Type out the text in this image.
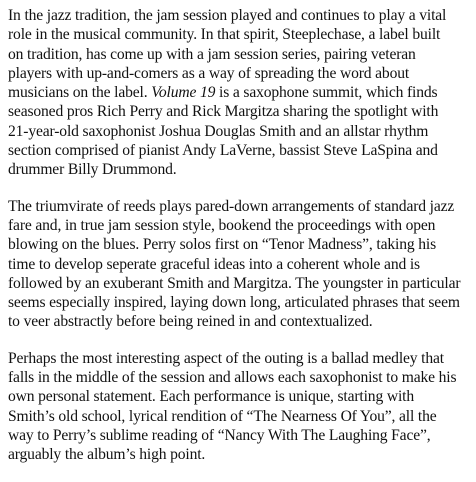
In the jazz tradition, the jam session played and continues to play a vital
role in the musical community. In that spirit, Steeplechase, a label built
on tradition, has come up with a jam session series, pairing veteran
players with up-and-comers as a way of spreading the word about
musicians on the label. Volume 19 is a saxophone summit, which finds
seasoned pros Rich Perry and Rick Margitza sharing the spotlight with
21-year-old saxophonist Joshua Douglas Smith and an allstar rhythm
section comprised of pianist Andy LaVerne, bassist Steve LaSpina and
drummer Billy Drummond.
The triumvirate of reeds plays pared-down arrangements of standard jazz
fare and, in true jam session style, bookend the proceedings with open
blowing on the blues. Perry solos first on “Tenor Madness”, taking his
time to develop seperate graceful ideas into a coherent whole and is
followed by an exuberant Smith and Margitza. The youngster in particular
seems especially inspired, laying down long, articulated phrases that seem
to veer abstractly before being reined in and contextualized.
Perhaps the most interesting aspect of the outing is a ballad medley that
falls in the middle of the session and allows each saxophonist to make his
own personal statement. Each performance is unique, starting with
Smith’s old school, lyrical rendition of “The Nearness Of You”, all the
way to Perry’s sublime reading of “Nancy With The Laughing Face”,
arguably the album’s high point.
